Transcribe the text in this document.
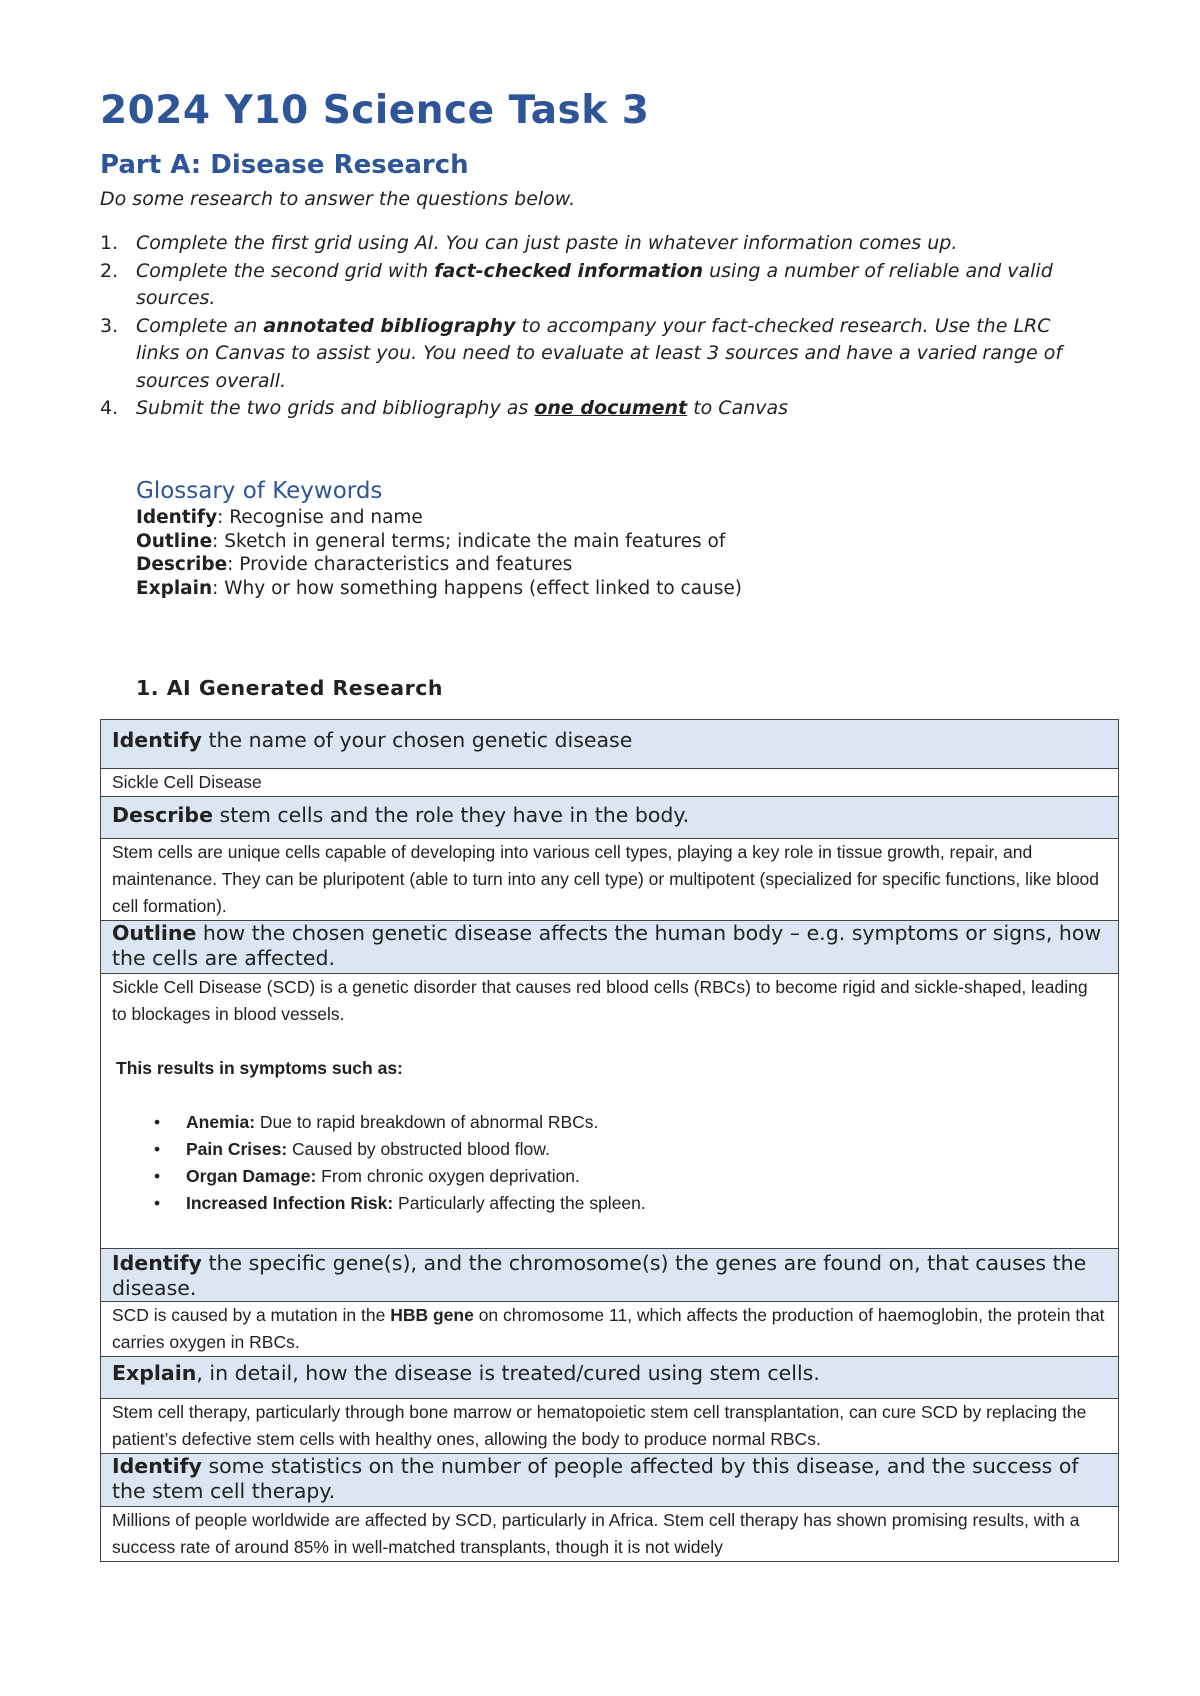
2024 Y10 Science Task 3
Part A: Disease Research

Do some research to answer the questions below.

1. Complete the first grid using AI. You can just paste in whatever information comes up.
2. Complete the second grid with fact-checked information using a number of reliable and valid sources.
3. Complete an annotated bibliography to accompany your fact-checked research. Use the LRC links on Canvas to assist you. You need to evaluate at least 3 sources and have a varied range of sources overall.
4. Submit the two grids and bibliography as one document to Canvas
Glossary of Keywords
Identify: Recognise and name
Outline: Sketch in general terms; indicate the main features of
Describe: Provide characteristics and features
Explain: Why or how something happens (effect linked to cause)
1. AI Generated Research
Identify the name of your chosen genetic disease

Sickle Cell Disease

Describe stem cells and the role they have in the body.

Stem cells are unique cells capable of developing into various cell types, playing a key role in tissue growth, repair, and maintenance. They can be pluripotent (able to turn into any cell type) or multipotent (specialized for specific functions, like blood cell formation).

Outline how the chosen genetic disease affects the human body – e.g. symptoms or signs, how the cells are affected.

Sickle Cell Disease (SCD) is a genetic disorder that causes red blood cells (RBCs) to become rigid and sickle-shaped, leading to blockages in blood vessels.

This results in symptoms such as:

• Anemia: Due to rapid breakdown of abnormal RBCs.
• Pain Crises: Caused by obstructed blood flow.
• Organ Damage: From chronic oxygen deprivation.
• Increased Infection Risk: Particularly affecting the spleen.

Identify the specific gene(s), and the chromosome(s) the genes are found on, that causes the disease.

SCD is caused by a mutation in the HBB gene on chromosome 11, which affects the production of haemoglobin, the protein that carries oxygen in RBCs.

Explain, in detail, how the disease is treated/cured using stem cells.

Stem cell therapy, particularly through bone marrow or hematopoietic stem cell transplantation, can cure SCD by replacing the patient’s defective stem cells with healthy ones, allowing the body to produce normal RBCs.

Identify some statistics on the number of people affected by this disease, and the success of the stem cell therapy.

Millions of people worldwide are affected by SCD, particularly in Africa. Stem cell therapy has shown promising results, with a success rate of around 85% in well-matched transplants, though it is not widely
